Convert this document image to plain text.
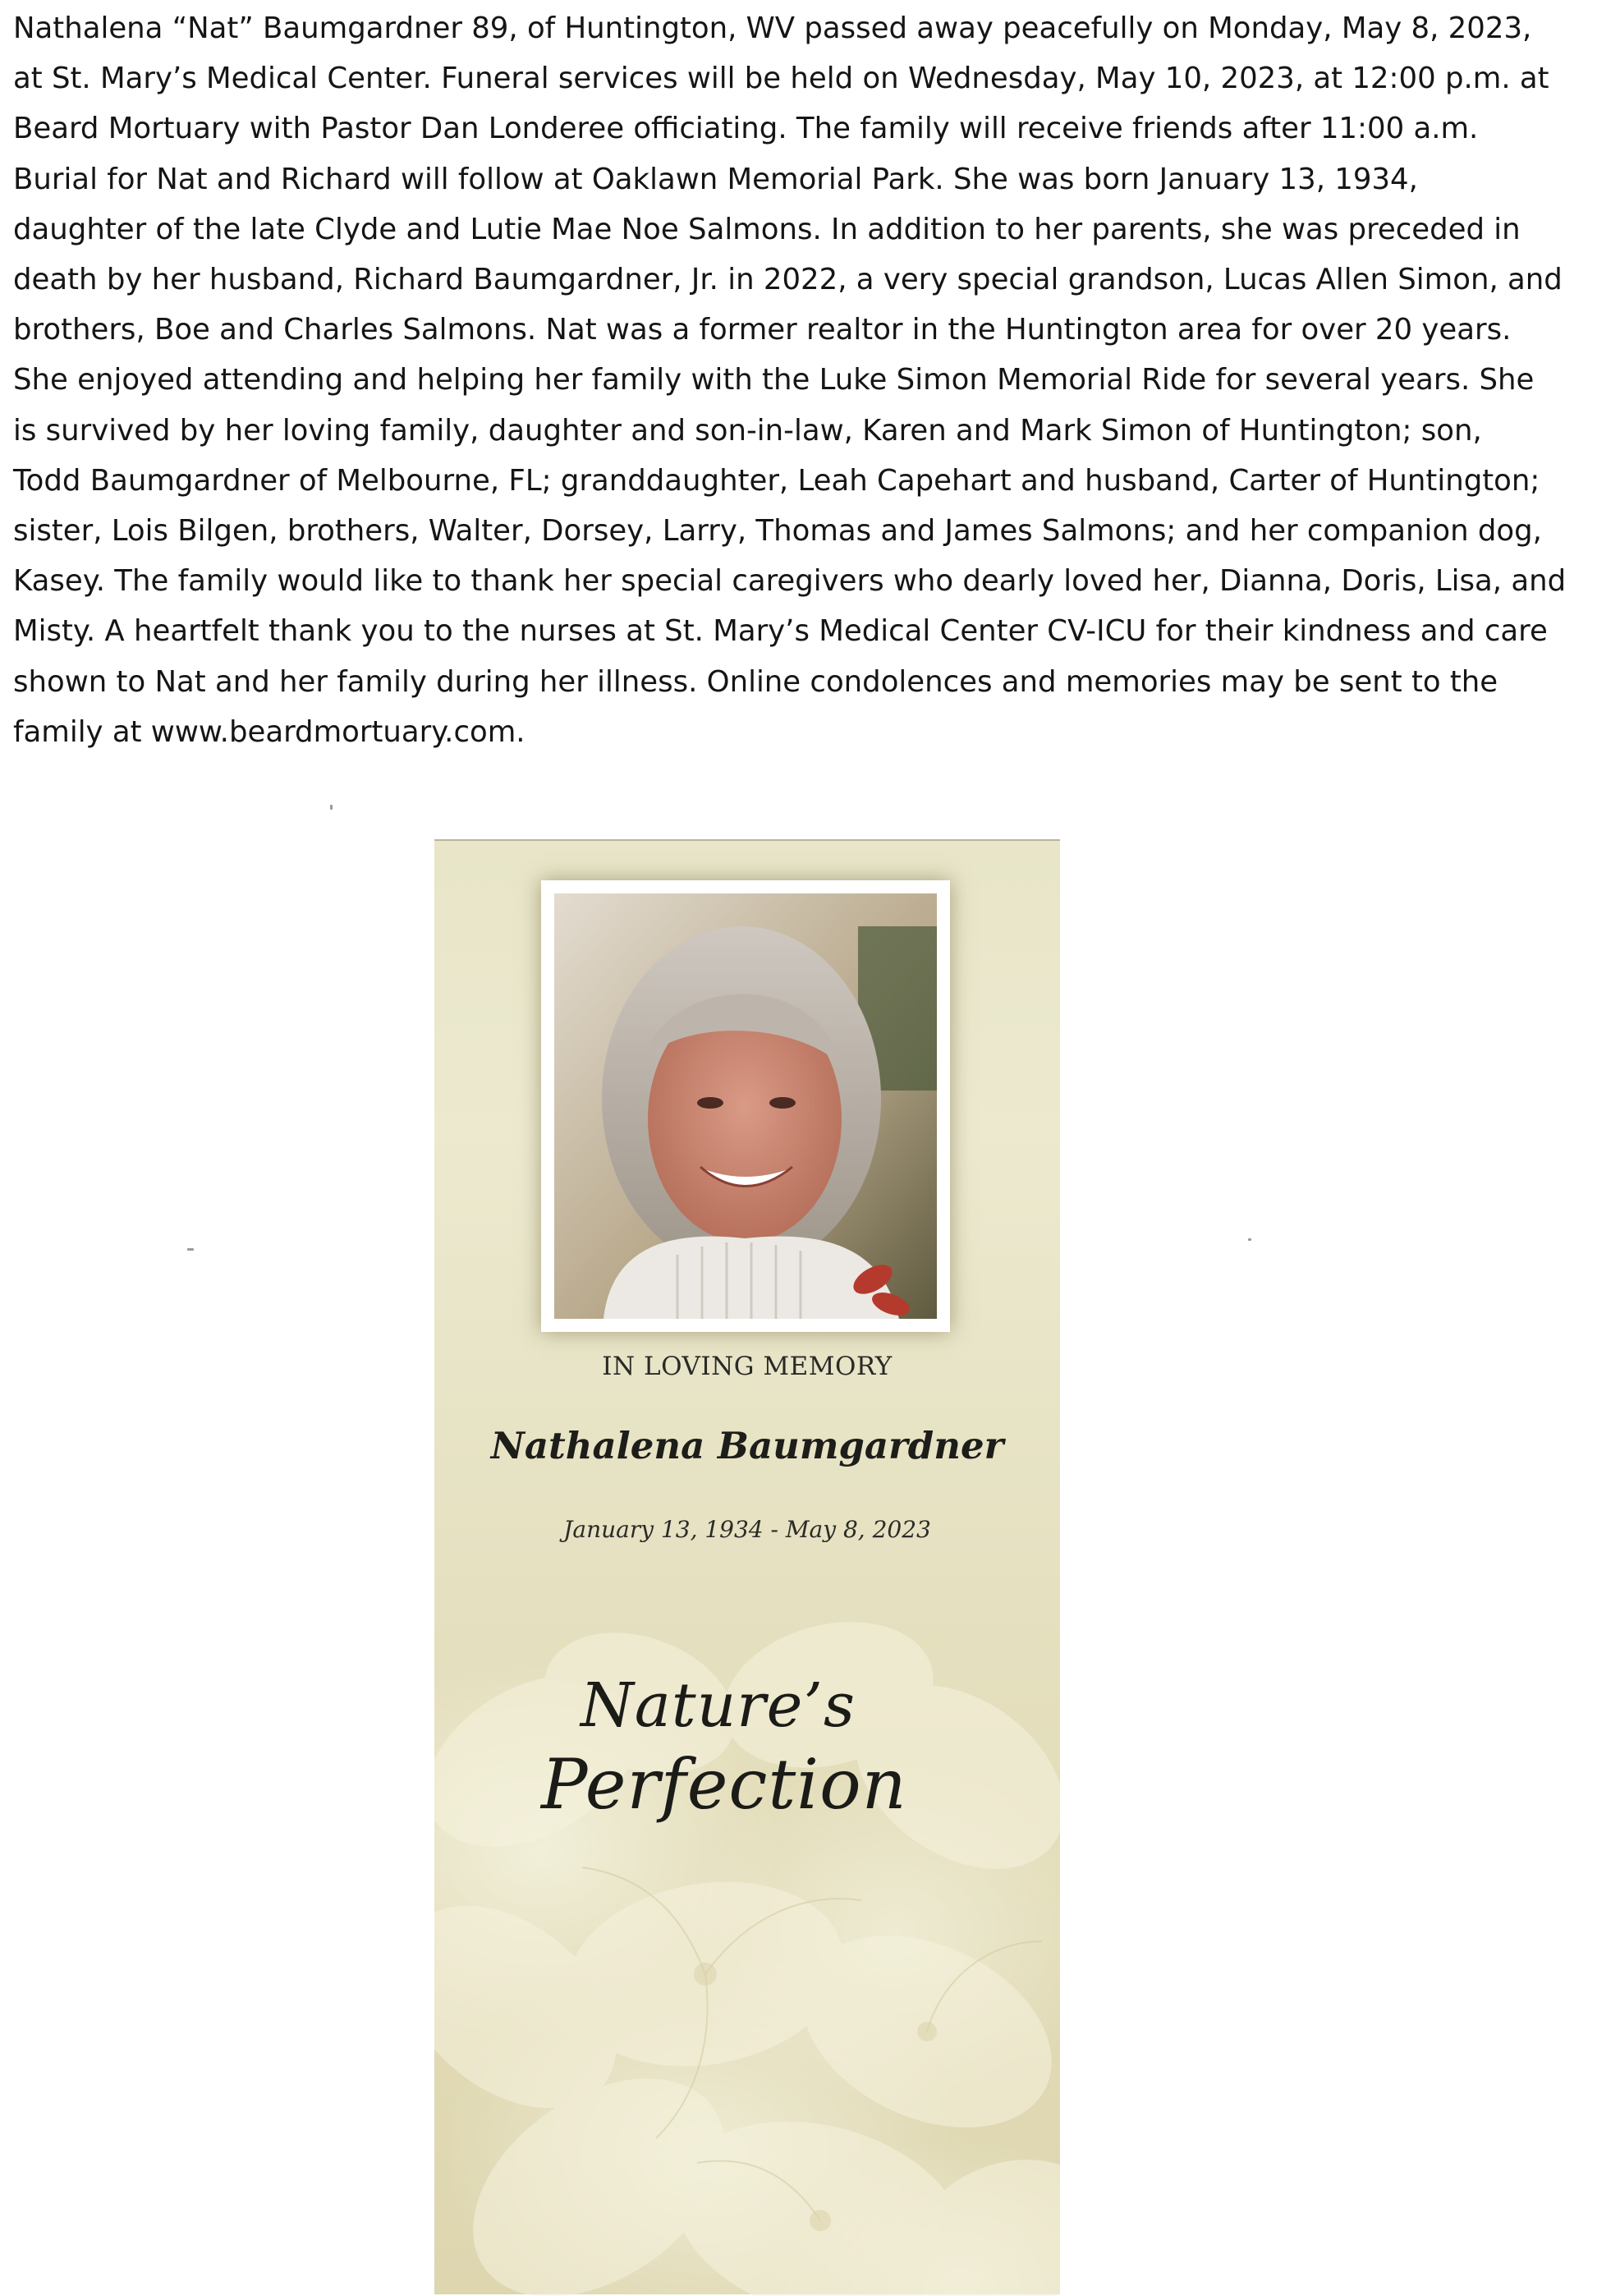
Nathalena “Nat” Baumgardner 89, of Huntington, WV passed away peacefully on Monday, May 8, 2023,
at St. Mary’s Medical Center. Funeral services will be held on Wednesday, May 10, 2023, at 12:00 p.m. at
Beard Mortuary with Pastor Dan Londeree officiating. The family will receive friends after 11:00 a.m.
Burial for Nat and Richard will follow at Oaklawn Memorial Park. She was born January 13, 1934,
daughter of the late Clyde and Lutie Mae Noe Salmons. In addition to her parents, she was preceded in
death by her husband, Richard Baumgardner, Jr. in 2022, a very special grandson, Lucas Allen Simon, and
brothers, Boe and Charles Salmons. Nat was a former realtor in the Huntington area for over 20 years.
She enjoyed attending and helping her family with the Luke Simon Memorial Ride for several years. She
is survived by her loving family, daughter and son-in-law, Karen and Mark Simon of Huntington; son,
Todd Baumgardner of Melbourne, FL; granddaughter, Leah Capehart and husband, Carter of Huntington;
sister, Lois Bilgen, brothers, Walter, Dorsey, Larry, Thomas and James Salmons; and her companion dog,
Kasey. The family would like to thank her special caregivers who dearly loved her, Dianna, Doris, Lisa, and
Misty. A heartfelt thank you to the nurses at St. Mary’s Medical Center CV-ICU for their kindness and care
shown to Nat and her family during her illness. Online condolences and memories may be sent to the
family at www.beardmortuary.com.

IN LOVING MEMORY
Nathalena Baumgardner
January 13, 1934 - May 8, 2023
Nature’s
Perfection
